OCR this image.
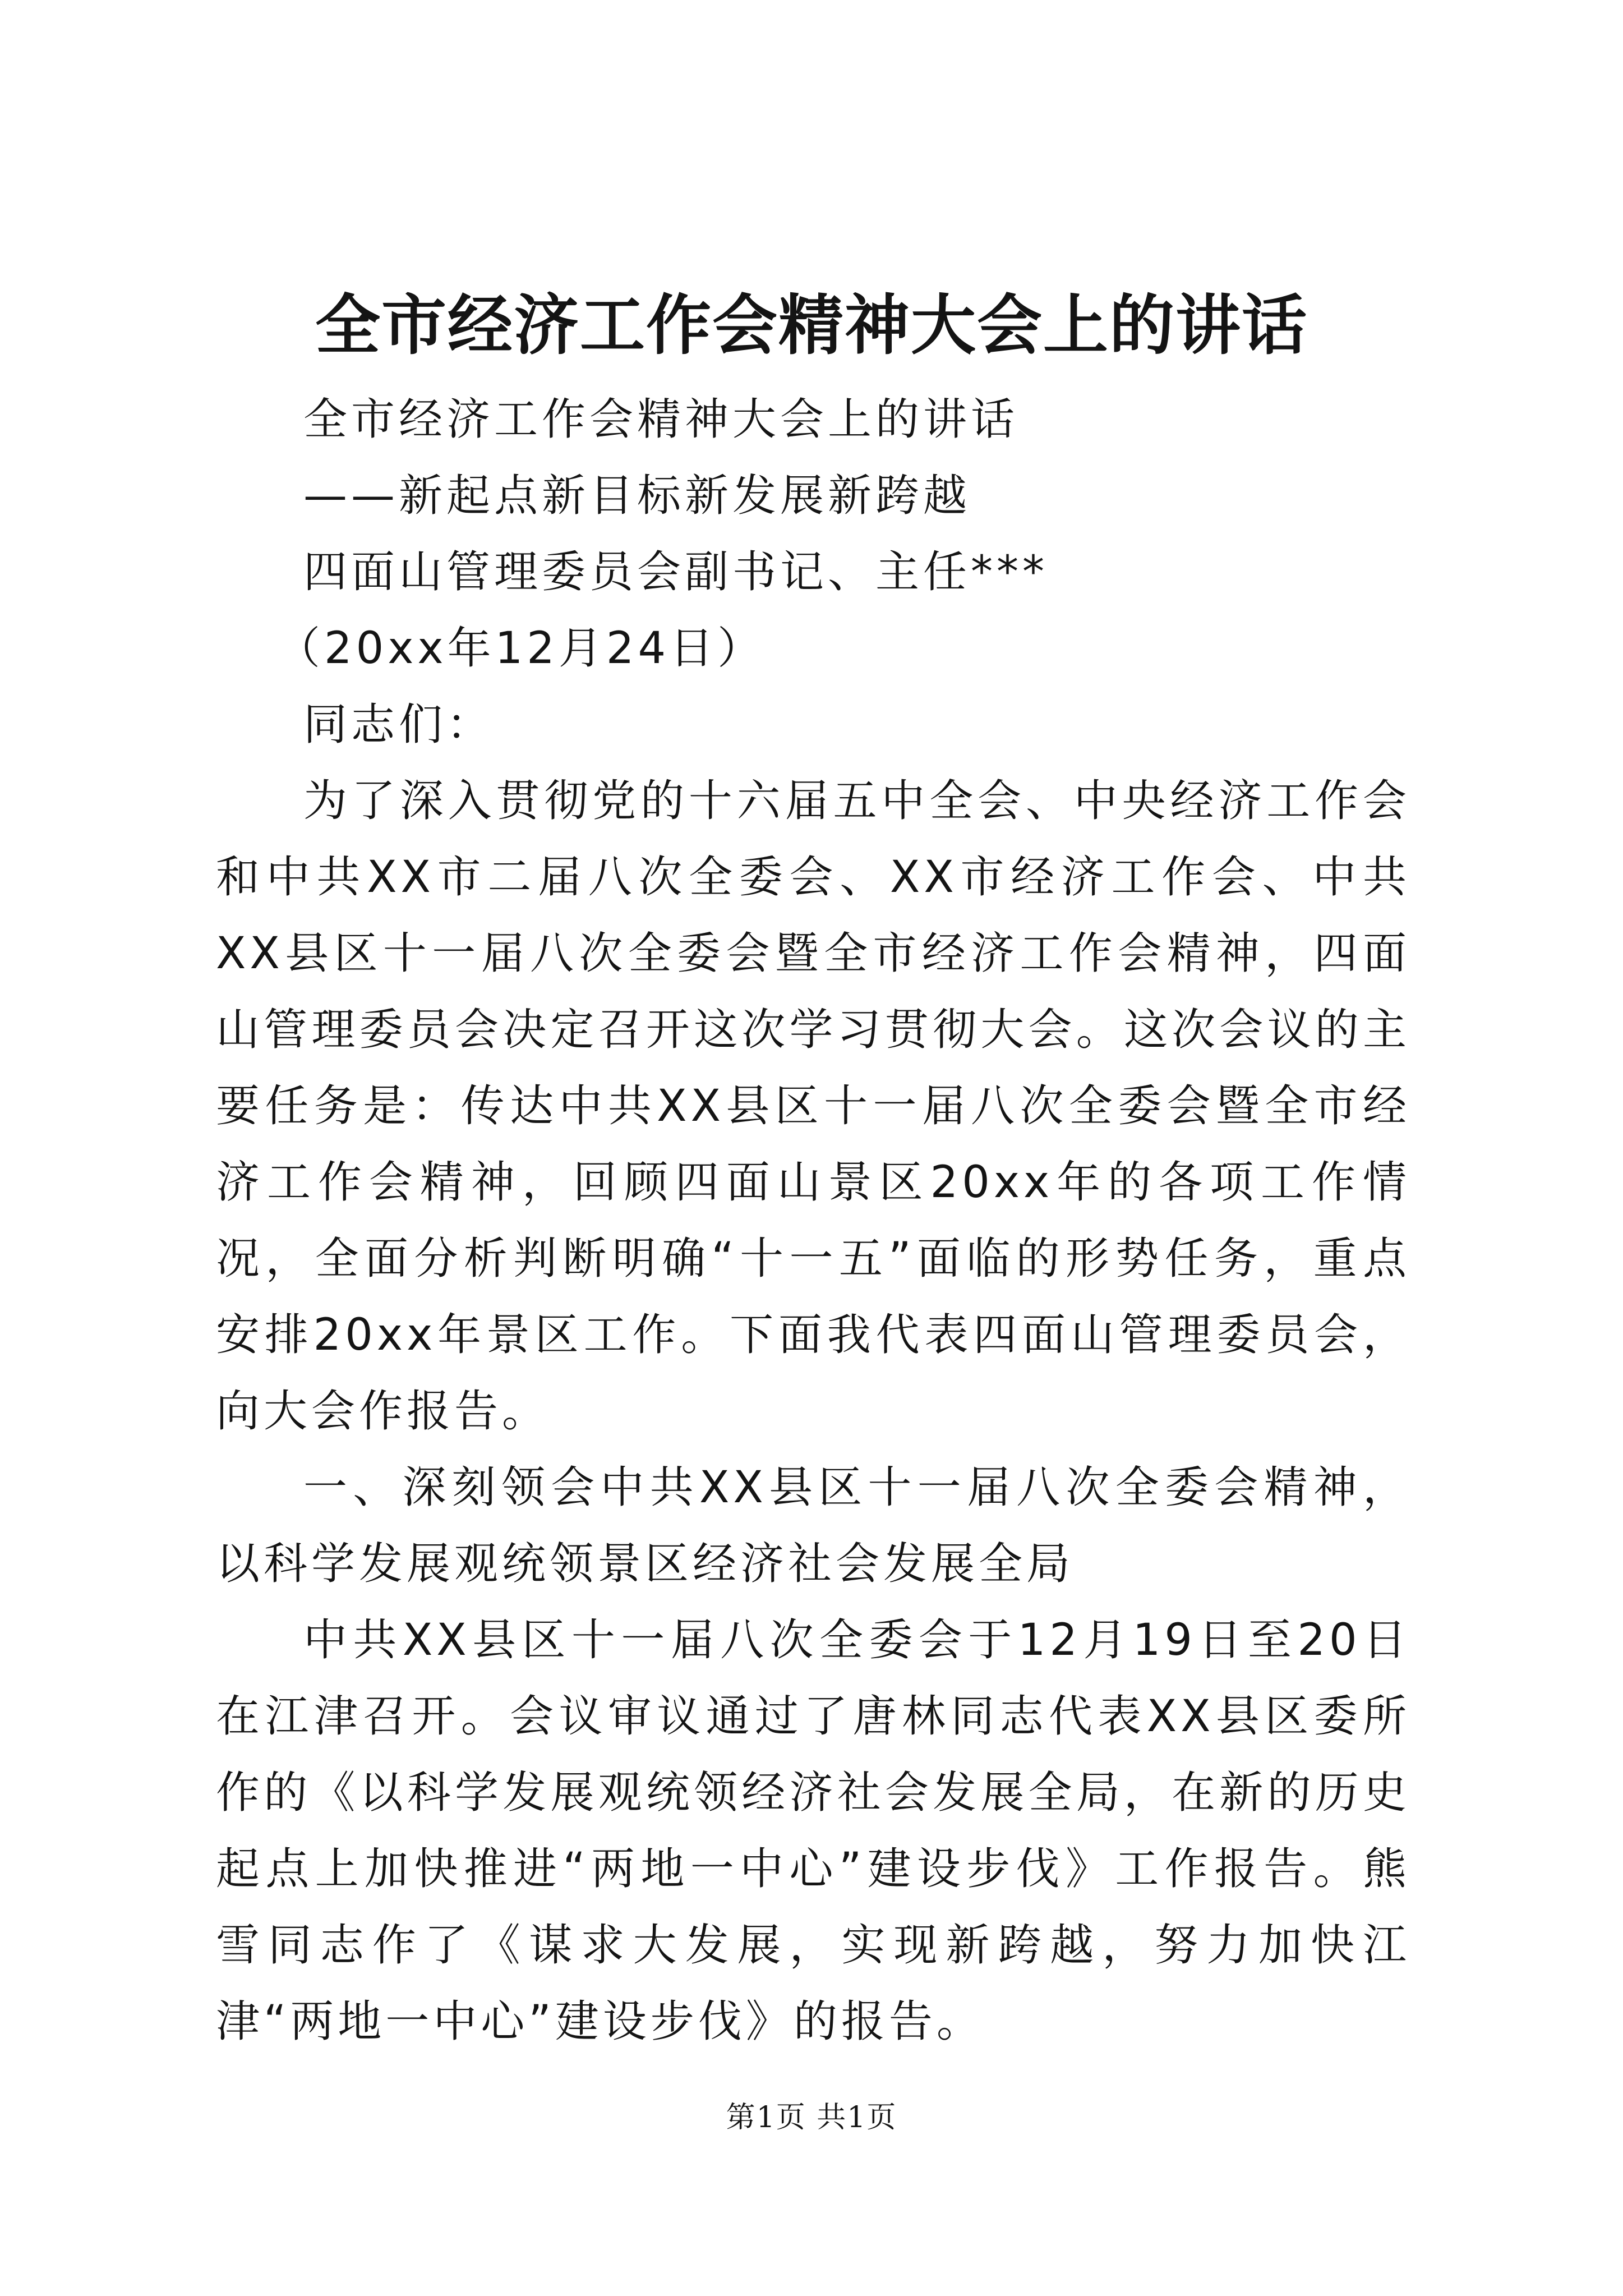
全市经济工作会精神大会上的讲话

全市经济工作会精神大会上的讲话

——新起点新目标新发展新跨越

四面山管理委员会副书记、主任***

（20xx年12月24日）

同志们：

为了深入贯彻党的十六届五中全会、中央经济工作会和中共XX市二届八次全委会、XX市经济工作会、中共XX县区十一届八次全委会暨全市经济工作会精神，四面山管理委员会决定召开这次学习贯彻大会。这次会议的主要任务是：传达中共XX县区十一届八次全委会暨全市经济工作会精神，回顾四面山景区20xx年的各项工作情况，全面分析判断明确“十一五”面临的形势任务，重点安排20xx年景区工作。下面我代表四面山管理委员会，向大会作报告。

一、深刻领会中共XX县区十一届八次全委会精神，以科学发展观统领景区经济社会发展全局

中共XX县区十一届八次全委会于12月19日至20日在江津召开。会议审议通过了唐林同志代表XX县区委所作的《以科学发展观统领经济社会发展全局，在新的历史起点上加快推进“两地一中心”建设步伐》工作报告。熊雪同志作了《谋求大发展，实现新跨越，努力加快江津“两地一中心”建设步伐》的报告。

第1页 共1页
